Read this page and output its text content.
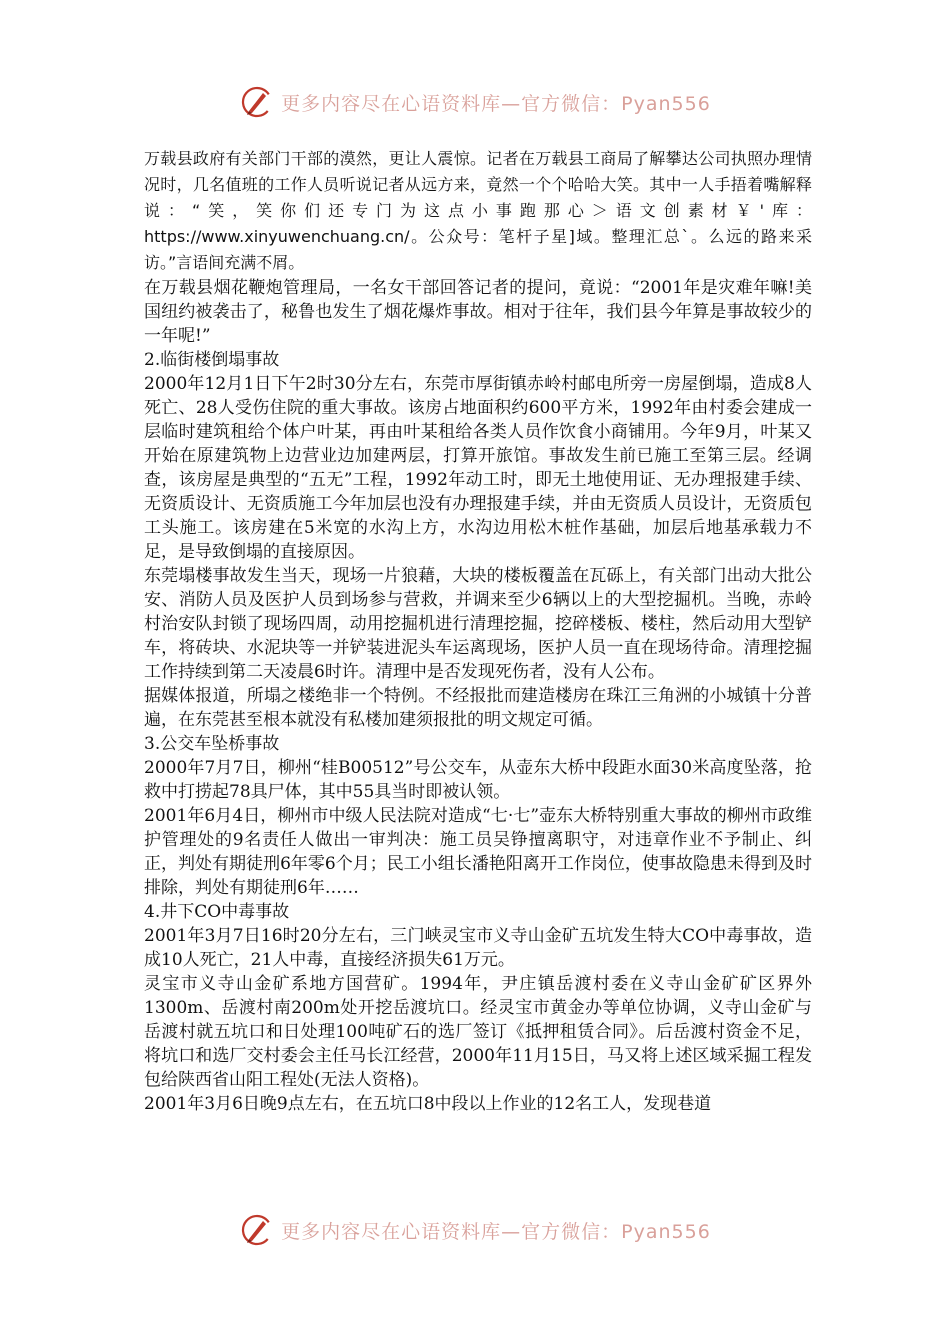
更多内容尽在心语资料库—官方微信：Pyan556

万载县政府有关部门干部的漠然，更让人震惊。记者在万载县工商局了解攀达公司执照办理情况时，几名值班的工作人员听说记者从远方来，竟然一个个哈哈大笑。其中一人手捂着嘴解释说：“笑，笑你们还专门为这点小事跑那心＞语文创素材￥'库：https://www.xinyuwenchuang.cn/。公众号：笔杆子星]域。整理汇总`。么远的路来采访。”言语间充满不屑。

在万载县烟花鞭炮管理局，一名女干部回答记者的提问，竟说：“2001年是灾难年嘛!美国纽约被袭击了，秘鲁也发生了烟花爆炸事故。相对于往年，我们县今年算是事故较少的一年呢!”

2.临街楼倒塌事故

2000年12月1日下午2时30分左右，东莞市厚街镇赤岭村邮电所旁一房屋倒塌，造成8人死亡、28人受伤住院的重大事故。该房占地面积约600平方米，1992年由村委会建成一层临时建筑租给个体户叶某，再由叶某租给各类人员作饮食小商铺用。今年9月，叶某又开始在原建筑物上边营业边加建两层，打算开旅馆。事故发生前已施工至第三层。经调查，该房屋是典型的“五无”工程，1992年动工时，即无土地使用证、无办理报建手续、无资质设计、无资质施工今年加层也没有办理报建手续，并由无资质人员设计，无资质包工头施工。该房建在5米宽的水沟上方，水沟边用松木桩作基础，加层后地基承载力不足，是导致倒塌的直接原因。

东莞塌楼事故发生当天，现场一片狼藉，大块的楼板覆盖在瓦砾上，有关部门出动大批公安、消防人员及医护人员到场参与营救，并调来至少6辆以上的大型挖掘机。当晚，赤岭村治安队封锁了现场四周，动用挖掘机进行清理挖掘，挖碎楼板、楼柱，然后动用大型铲车，将砖块、水泥块等一并铲装进泥头车运离现场，医护人员一直在现场待命。清理挖掘工作持续到第二天凌晨6时许。清理中是否发现死伤者，没有人公布。

据媒体报道，所塌之楼绝非一个特例。不经报批而建造楼房在珠江三角洲的小城镇十分普遍，在东莞甚至根本就没有私楼加建须报批的明文规定可循。

3.公交车坠桥事故

2000年7月7日，柳州“桂B00512”号公交车，从壶东大桥中段距水面30米高度坠落，抢救中打捞起78具尸体，其中55具当时即被认领。

2001年6月4日，柳州市中级人民法院对造成“七·七”壶东大桥特别重大事故的柳州市政维护管理处的9名责任人做出一审判决：施工员吴铮擅离职守，对违章作业不予制止、纠正，判处有期徒刑6年零6个月；民工小组长潘艳阳离开工作岗位，使事故隐患未得到及时排除，判处有期徒刑6年……

4.井下CO中毒事故

2001年3月7日16时20分左右，三门峡灵宝市义寺山金矿五坑发生特大CO中毒事故，造成10人死亡，21人中毒，直接经济损失61万元。

灵宝市义寺山金矿系地方国营矿。1994年，尹庄镇岳渡村委在义寺山金矿矿区界外1300m、岳渡村南200m处开挖岳渡坑口。经灵宝市黄金办等单位协调，义寺山金矿与岳渡村就五坑口和日处理100吨矿石的选厂签订《抵押租赁合同》。后岳渡村资金不足，将坑口和选厂交村委会主任马长江经营，2000年11月15日，马又将上述区域采掘工程发包给陕西省山阳工程处(无法人资格)。

2001年3月6日晚9点左右，在五坑口8中段以上作业的12名工人，发现巷道

更多内容尽在心语资料库—官方微信：Pyan556
